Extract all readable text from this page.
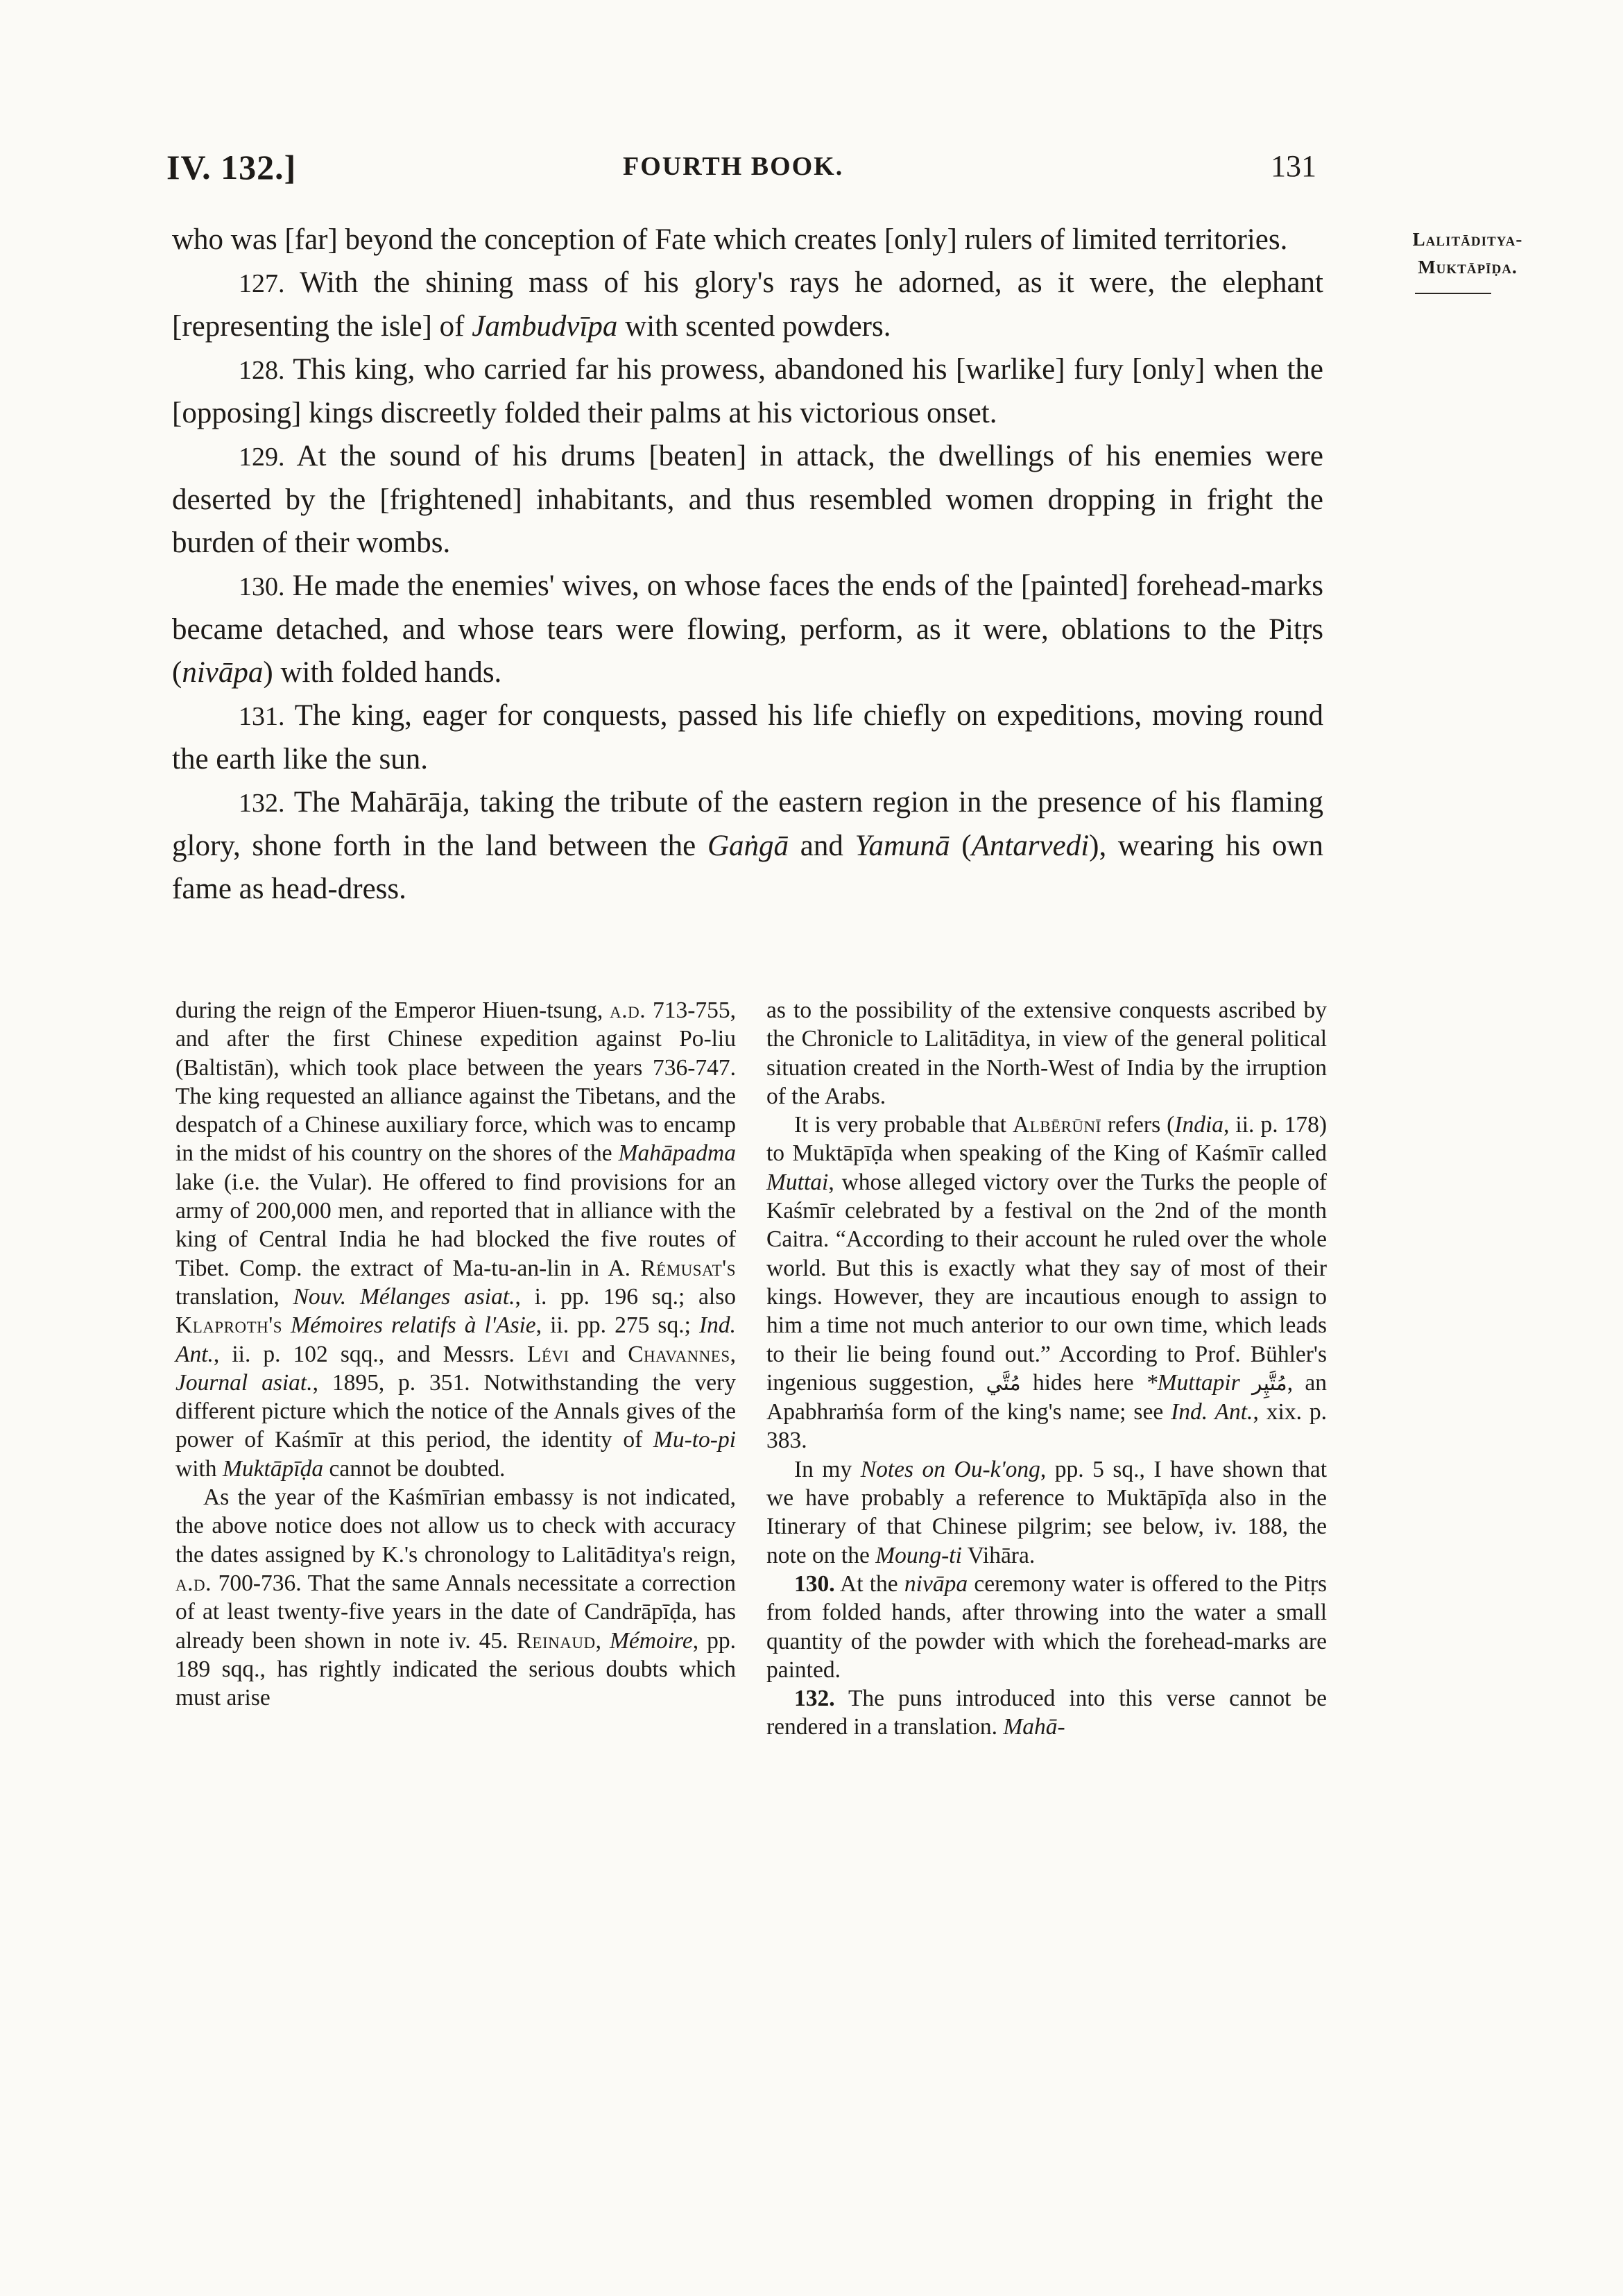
IV. 132.]	FOURTH BOOK.	131
Lalitāditya-
Muktāpīḍa.

who was [far] beyond the conception of Fate which creates [only] rulers of limited territories.

127. With the shining mass of his glory's rays he adorned, as it were, the elephant [representing the isle] of Jambudvīpa with scented powders.

128. This king, who carried far his prowess, abandoned his [warlike] fury [only] when the [opposing] kings discreetly folded their palms at his victorious onset.

129. At the sound of his drums [beaten] in attack, the dwellings of his enemies were deserted by the [frightened] inhabitants, and thus resembled women dropping in fright the burden of their wombs.

130. He made the enemies' wives, on whose faces the ends of the [painted] forehead-marks became detached, and whose tears were flowing, perform, as it were, oblations to the Pitṛs (nivāpa) with folded hands.

131. The king, eager for conquests, passed his life chiefly on expeditions, moving round the earth like the sun.

132. The Mahārāja, taking the tribute of the eastern region in the presence of his flaming glory, shone forth in the land between the Gaṅgā and Yamunā (Antarvedi), wearing his own fame as head-dress.

during the reign of the Emperor Hiuen-tsung, a.d. 713-755, and after the first Chinese expedition against Po-liu (Baltistān), which took place between the years 736-747. The king requested an alliance against the Tibetans, and the despatch of a Chinese auxiliary force, which was to encamp in the midst of his country on the shores of the Mahāpadma lake (i.e. the Vular). He offered to find provisions for an army of 200,000 men, and reported that in alliance with the king of Central India he had blocked the five routes of Tibet. Comp. the extract of Ma-tu-an-lin in A. Rémusat's translation, Nouv. Mélanges asiat., i. pp. 196 sq.; also Klaproth's Mémoires relatifs à l'Asie, ii. pp. 275 sq.; Ind. Ant., ii. p. 102 sqq., and Messrs. Lévi and Chavannes, Journal asiat., 1895, p. 351. Notwithstanding the very different picture which the notice of the Annals gives of the power of Kaśmīr at this period, the identity of Mu-to-pi with Muktāpīḍa cannot be doubted.

As the year of the Kaśmīrian embassy is not indicated, the above notice does not allow us to check with accuracy the dates assigned by K.'s chronology to Lalitāditya's reign, a.d. 700-736. That the same Annals necessitate a correction of at least twenty-five years in the date of Candrāpīḍa, has already been shown in note iv. 45. Reinaud, Mémoire, pp. 189 sqq., has rightly indicated the serious doubts which must arise

as to the possibility of the extensive conquests ascribed by the Chronicle to Lalitāditya, in view of the general political situation created in the North-West of India by the irruption of the Arabs.

It is very probable that Albērūnī refers (India, ii. p. 178) to Muktāpīḍa when speaking of the King of Kaśmīr called Muttai, whose alleged victory over the Turks the people of Kaśmīr celebrated by a festival on the 2nd of the month Caitra. “According to their account he ruled over the whole world. But this is exactly what they say of most of their kings. However, they are incautious enough to assign to him a time not much anterior to our own time, which leads to their lie being found out.” According to Prof. Bühler's ingenious suggestion, مُتَّي hides here *Muttapir مُتَّپِر, an Apabhraṁśa form of the king's name; see Ind. Ant., xix. p. 383.

In my Notes on Ou-k'ong, pp. 5 sq., I have shown that we have probably a reference to Muktāpīḍa also in the Itinerary of that Chinese pilgrim; see below, iv. 188, the note on the Moung-ti Vihāra.

130. At the nivāpa ceremony water is offered to the Pitṛs from folded hands, after throwing into the water a small quantity of the powder with which the forehead-marks are painted.

132. The puns introduced into this verse cannot be rendered in a translation. Mahā-
